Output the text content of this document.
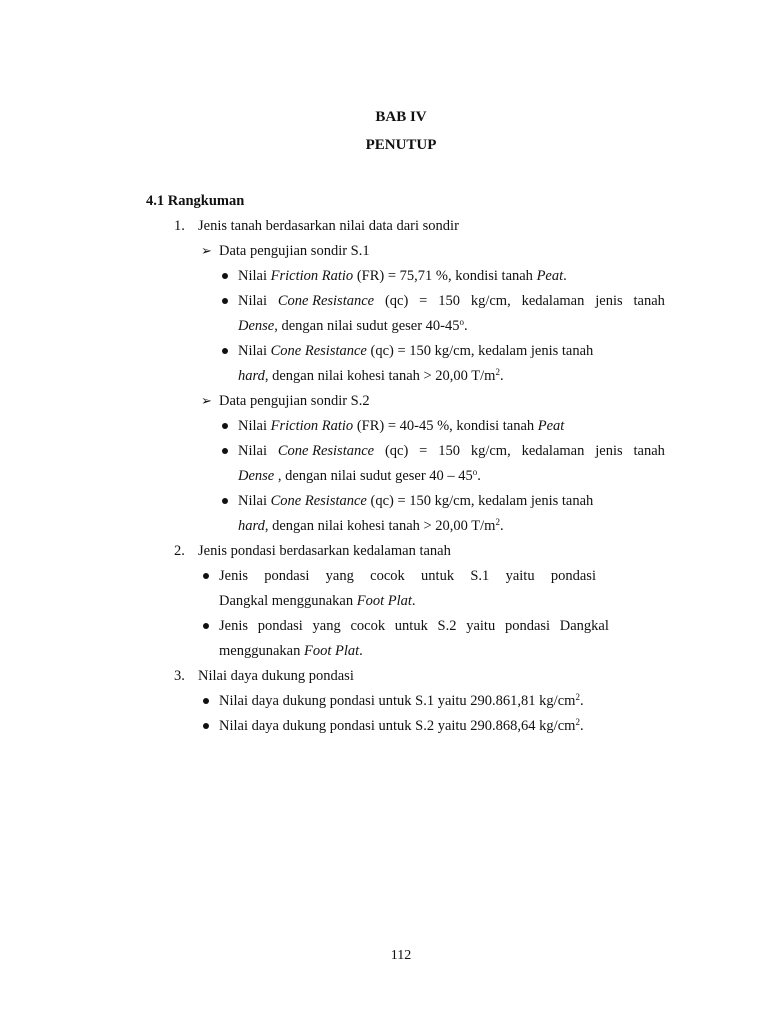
BAB IV
PENUTUP
4.1 Rangkuman
1. Jenis tanah berdasarkan nilai data dari sondir
➢ Data pengujian sondir S.1
Nilai Friction Ratio (FR) = 75,71 %, kondisi tanah Peat.
Nilai Cone Resistance (qc) = 150 kg/cm, kedalaman jenis tanah
Dense, dengan nilai sudut geser 40-45$^o$.
Nilai Cone Resistance (qc) = 150 kg/cm, kedalam jenis tanah
hard, dengan nilai kohesi tanah > 20,00 $T/m^2$.
➢ Data pengujian sondir S.2
Nilai Friction Ratio (FR) = 40-45 %, kondisi tanah Peat
Nilai Cone Resistance (qc) = 150 kg/cm, kedalaman jenis tanah
Dense , dengan nilai sudut geser 40 – 45$^o$.
Nilai Cone Resistance (qc) = 150 kg/cm, kedalam jenis tanah
hard, dengan nilai kohesi tanah > 20,00 $T/m^2$.
2. Jenis pondasi berdasarkan kedalaman tanah
Jenis pondasi yang cocok untuk S.1 yaitu pondasi
Dangkal menggunakan Foot Plat.
Jenis pondasi yang cocok untuk S.2 yaitu pondasi Dangkal
menggunakan Foot Plat.
3. Nilai daya dukung pondasi
Nilai daya dukung pondasi untuk S.1 yaitu 290.861,81 $kg/cm^2$.
Nilai daya dukung pondasi untuk S.2 yaitu 290.868,64 $kg/cm^2$.
112
